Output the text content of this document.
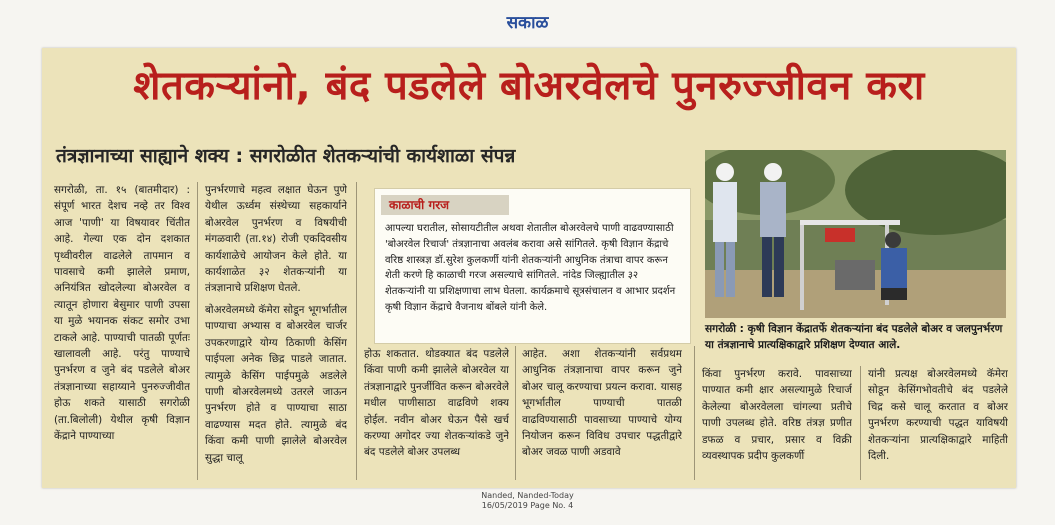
सकाळ
शेतकऱ्यांनो, बंद पडलेले बोअरवेलचे पुनरुज्जीवन करा
तंत्रज्ञानाच्या साह्याने शक्य : सगरोळीत शेतकऱ्यांची कार्यशाळा संपन्न
सगरोळी, ता. १५ (बातमीदार) : संपूर्ण भारत देशच नव्हे तर विश्व आज 'पाणी' या विषयावर चिंतीत आहे. गेल्या एक दोन दशकात पृथ्वीवरील वाढलेले तापमान व पावसाचे कमी झालेले प्रमाण, अनियंत्रित खोदलेल्या बोअरवेल व त्यातून होणारा बेसुमार पाणी उपसा या मुळे भयानक संकट समोर उभा टाकले आहे. पाण्याची पातळी पूर्णतः खालावली आहे. परंतु पाण्याचे पुनर्भरण व जुने बंद पडलेले बोअर तंत्रज्ञानाच्या सहाय्याने पुनरुज्जीवीत होऊ शकते यासाठी सगरोळी (ता.बिलोली) येथील कृषी विज्ञान केंद्राने पाण्याच्या
पुनर्भरणाचे महत्व लक्षात घेऊन पुणे येथील ऊर्ध्वम संस्थेच्या सहकार्याने बोअरवेल पुनर्भरण व विषयीची मंगळवारी (ता.१४) रोजी एकदिवसीय कार्यशाळेचे आयोजन केले होते. या कार्यशाळेत ३२ शेतकऱ्यांनी या तंत्रज्ञानाचे प्रशिक्षण घेतले.
बोअरवेलमध्ये कॅमेरा सोडून भूगर्भातील पाण्याचा अभ्यास व बोअरवेल चार्जर उपकरणाद्वारे योग्य ठिकाणी केसिंग पाईपला अनेक छिद्र पाडले जातात. त्यामुळे केसिंग पाईपमुळे अडलेले पाणी बोअरवेलमध्ये उतरले जाऊन पुनर्भरण होते व पाण्याचा साठा वाढण्यास मदत होते. त्यामुळे बंद किंवा कमी पाणी झालेले बोअरवेल सुद्धा चालू
काळाची गरज
आपल्या घरातील, सोसायटीतील अथवा शेतातील बोअरवेलचे पाणी वाढवण्यासाठी 'बोअरवेल रिचार्ज' तंत्रज्ञानाचा अवलंब करावा असे सांगितले. कृषी विज्ञान केंद्राचे वरिष्ठ शास्त्रज्ञ डॉ.सुरेश कुलकर्णी यांनी शेतकऱ्यांनी आधुनिक तंत्राचा वापर करून शेती करणे हि काळाची गरज असल्याचे सांगितले. नांदेड जिल्ह्यातील ३२ शेतकऱ्यांनी या प्रशिक्षणाचा लाभ घेतला. कार्यक्रमाचे सूत्रसंचालन व आभार प्रदर्शन कृषी विज्ञान केंद्राचे वैजनाथ बोंबले यांनी केले.
होऊ शकतात. थोडक्यात बंद पडलेले किंवा पाणी कमी झालेले बोअरवेल या तंत्रज्ञानाद्वारे पुनर्जीवित करून बोअरवेले मधील पाणीसाठा वाढविणे शक्य होईल. नवीन बोअर घेऊन पैसे खर्च करण्या अगोदर ज्या शेतकऱ्यांकडे जुने बंद पडलेले बोअर उपलब्ध
आहेत. अशा शेतकऱ्यांनी सर्वप्रथम आधुनिक तंत्रज्ञानाचा वापर करून जुने बोअर चालू करण्याचा प्रयत्न करावा. यासह भूगर्भातील पाण्याची पातळी वाढविण्यासाठी पावसाच्या पाण्याचे योग्य नियोजन करून विविध उपचार पद्धतीद्वारे बोअर जवळ पाणी अडवावे
सगरोळी : कृषी विज्ञान केंद्रातर्फे शेतकऱ्यांना बंद पडलेले बोअर व जलपुनर्भरण या तंत्रज्ञानाचे प्रात्यक्षिकाद्वारे प्रशिक्षण देण्यात आले.
किंवा पुनर्भरण करावे. पावसाच्या पाण्यात कमी क्षार असल्यामुळे रिचार्ज केलेल्या बोअरवेलला चांगल्या प्रतीचे पाणी उपलब्ध होते. वरिष्ठ तंत्रज्ञ प्रणीत डफळ व प्रचार, प्रसार व विक्री व्यवस्थापक प्रदीप कुलकर्णी
यांनी प्रत्यक्ष बोअरवेलमध्ये कॅमेरा सोडून केसिंगभोवतीचे बंद पडलेले चिद्र कसे चालू करतात व बोअर पुनर्भरण करण्याची पद्धत याविषयी शेतकऱ्यांना प्रात्यक्षिकाद्वारे माहिती दिली.
Nanded, Nanded-Today
16/05/2019 Page No. 4
